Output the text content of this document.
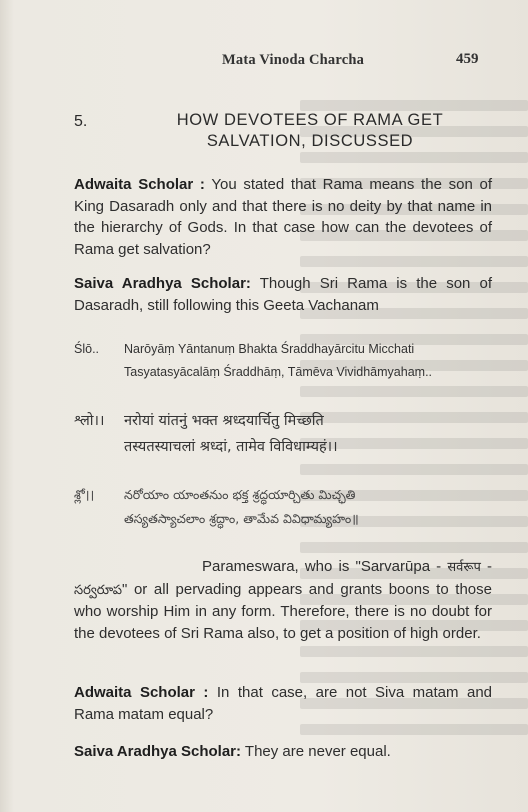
Mata Vinoda Charcha	459
5.	HOW DEVOTEES OF RAMA GET
SALVATION, DISCUSSED
Adwaita Scholar : You stated that Rama means the son of King Dasaradh only and that there is no deity by that name in the hierarchy of Gods. In that case how can the devotees of Rama get salvation?
Saiva Aradhya Scholar: Though Sri Rama is the son of Dasaradh, still following this Geeta Vachanam
Ślō.. Narōyāṃ Yāntanuṃ Bhakta Śraddhayārcitu Micchati
Tasyatasyācalāṃ Śraddhāṃ, Tāmēva Vividhāmyahaṃ..
श्लो।। नरोयां यांतनुं भक्त श्रध्दयार्चितु मिच्छति
तस्यतस्याचलां श्रध्दां, तामेव विविधाम्यहं।।
శ్లో।। నరోయాం యాంతనుం భక్త శ్రద్ధయార్చితు మిచ్ఛతి
తస్యతస్యాచలాం శ్రద్ధాం, తామేవ వివిధామ్యహం॥
Parameswara, who is "Sarvarūpa - सर्वरूप - సర్వరూప" or all pervading appears and grants boons to those who worship Him in any form. Therefore, there is no doubt for the devotees of Sri Rama also, to get a position of high order.
Adwaita Scholar : In that case, are not Siva matam and Rama matam equal?
Saiva Aradhya Scholar: They are never equal.
